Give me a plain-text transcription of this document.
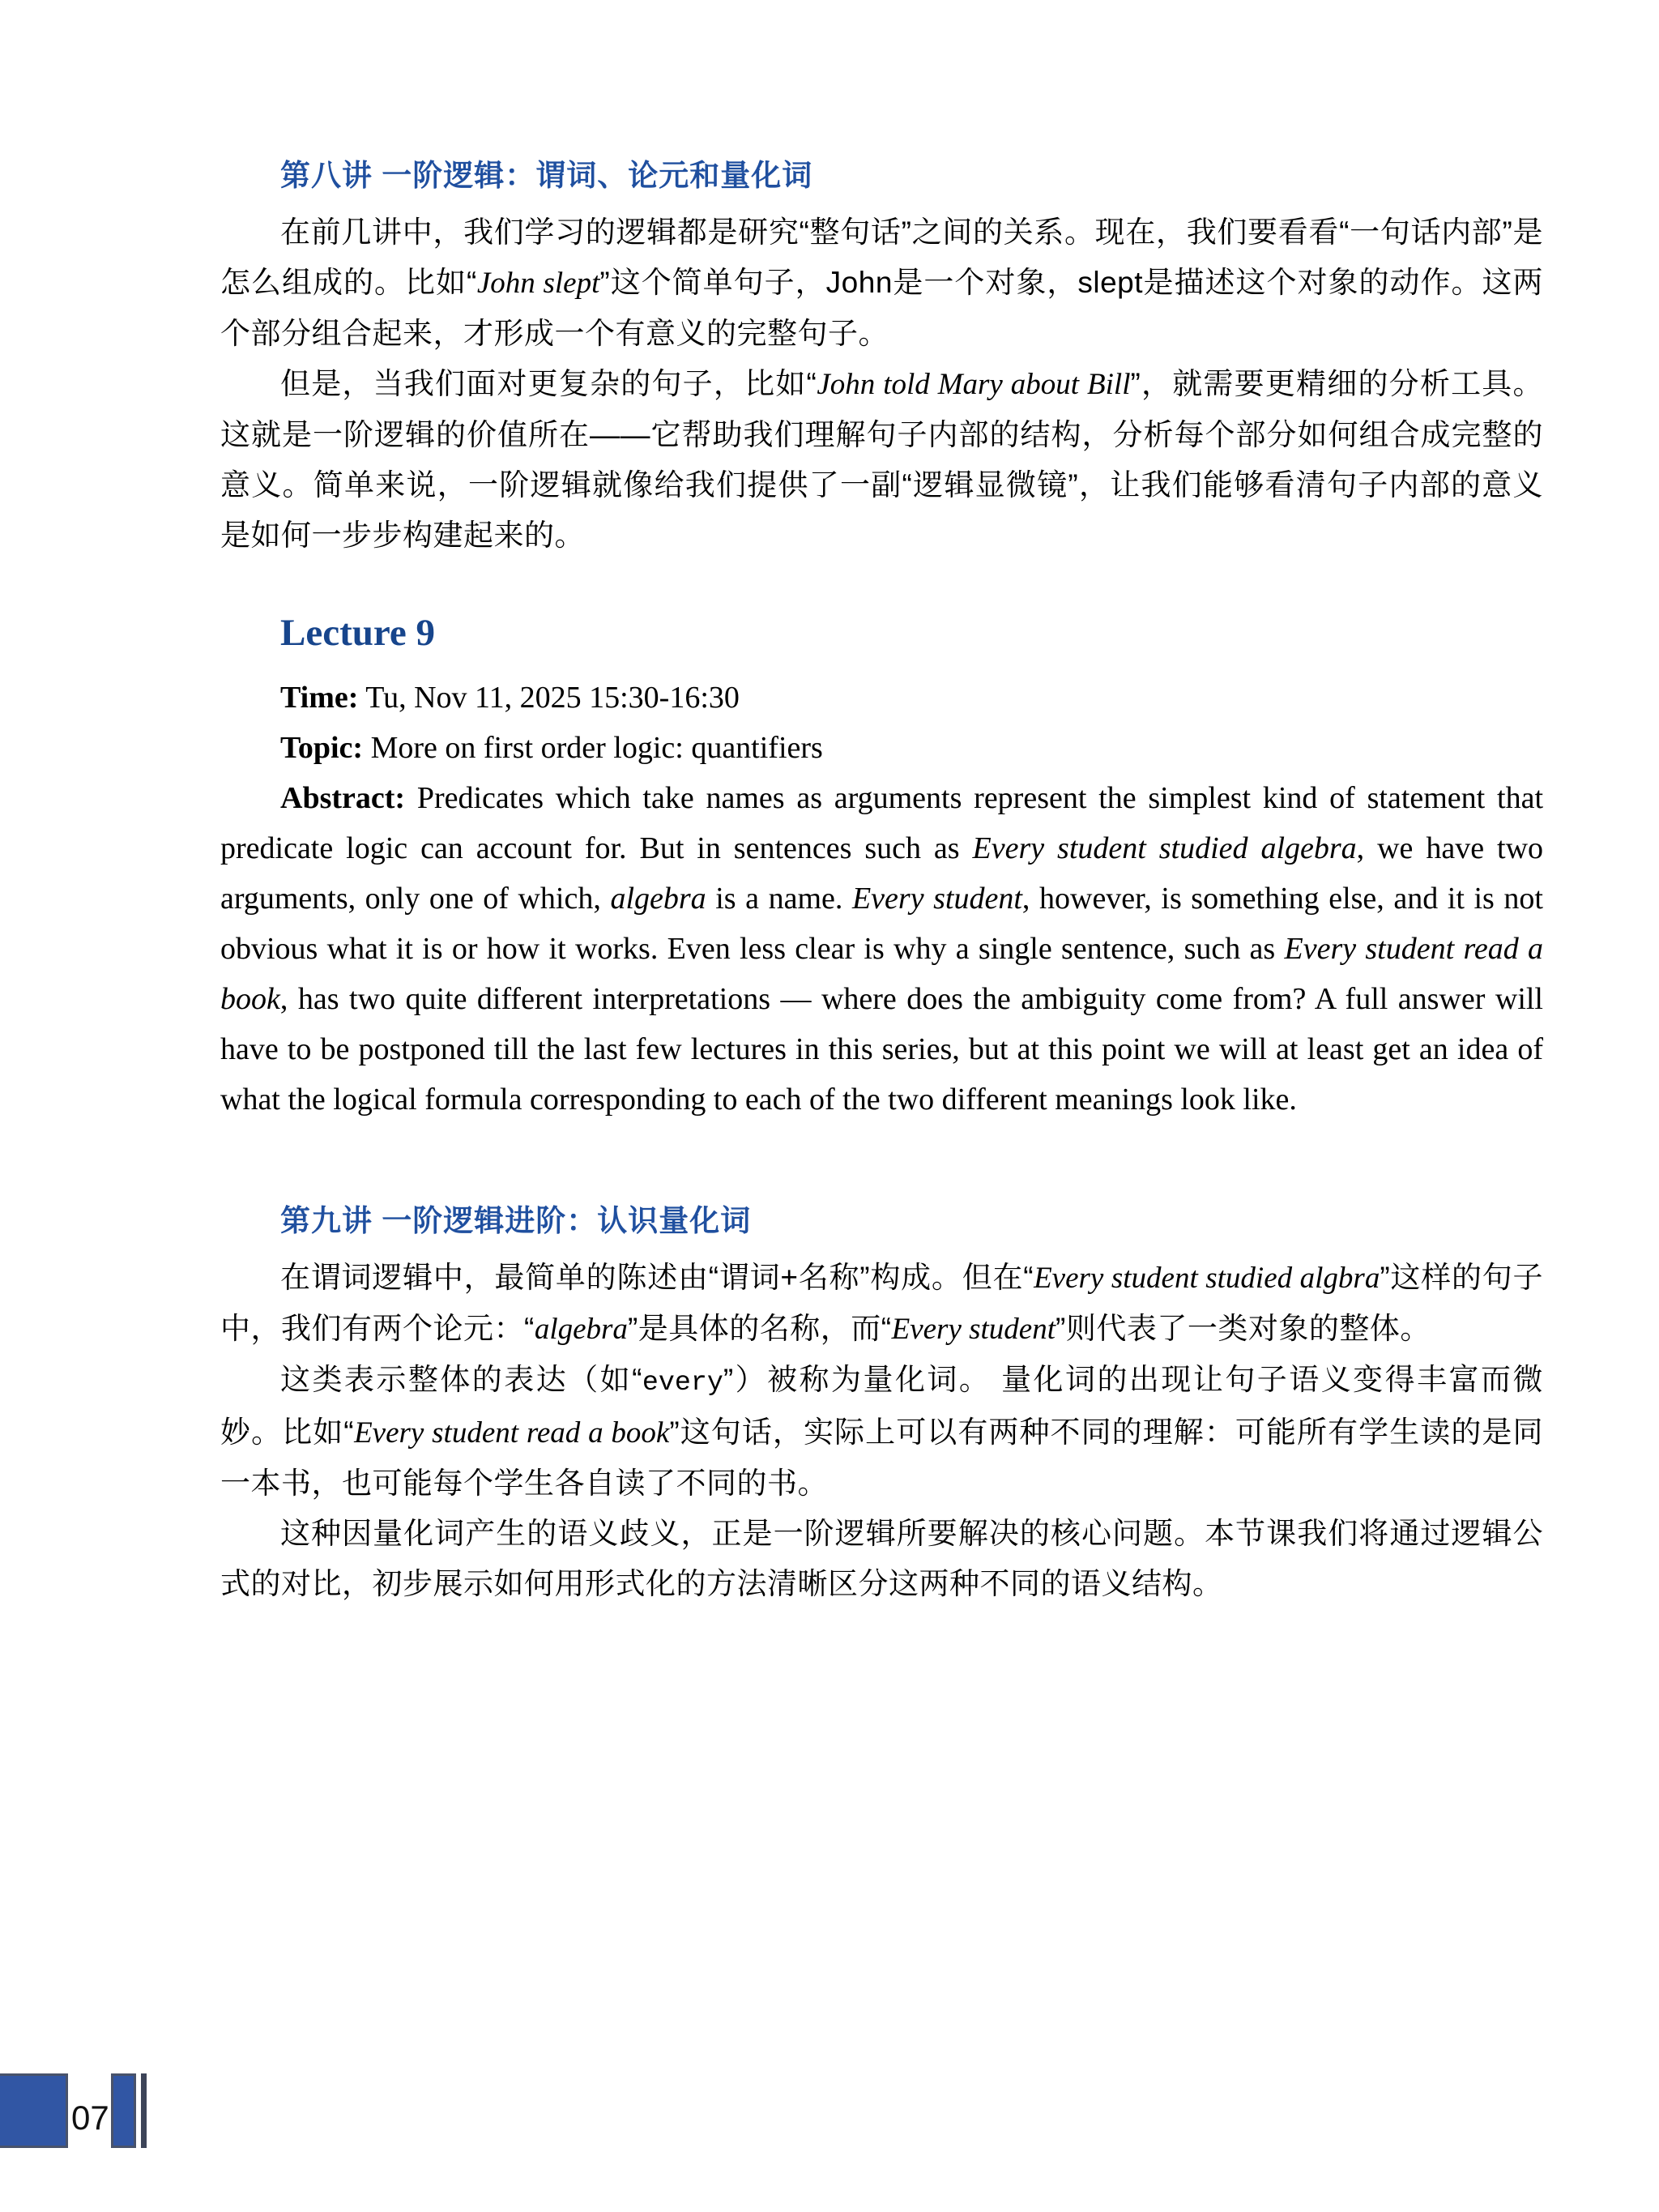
第八讲 一阶逻辑：谓词、论元和量化词

在前几讲中，我们学习的逻辑都是研究“整句话”之间的关系。现在，我们要看看“一句话内部”是怎么组成的。比如“John slept”这个简单句子，John是一个对象，slept是描述这个对象的动作。这两个部分组合起来，才形成一个有意义的完整句子。

但是，当我们面对更复杂的句子，比如“John told Mary about Bill”，就需要更精细的分析工具。这就是一阶逻辑的价值所在——它帮助我们理解句子内部的结构，分析每个部分如何组合成完整的意义。简单来说，一阶逻辑就像给我们提供了一副“逻辑显微镜”，让我们能够看清句子内部的意义是如何一步步构建起来的。

Lecture 9

Time: Tu, Nov 11, 2025 15:30-16:30

Topic: More on first order logic: quantifiers

Abstract: Predicates which take names as arguments represent the simplest kind of statement that predicate logic can account for. But in sentences such as Every student studied algebra, we have two arguments, only one of which, algebra is a name. Every student, however, is something else, and it is not obvious what it is or how it works. Even less clear is why a single sentence, such as Every student read a book, has two quite different interpretations — where does the ambiguity come from? A full answer will have to be postponed till the last few lectures in this series, but at this point we will at least get an idea of what the logical formula corresponding to each of the two different meanings look like.

第九讲 一阶逻辑进阶：认识量化词

在谓词逻辑中，最简单的陈述由“谓词+名称”构成。但在“Every student studied algbra”这样的句子中，我们有两个论元：“algebra”是具体的名称，而“Every student”则代表了一类对象的整体。

这类表示整体的表达（如“every”）被称为量化词。 量化词的出现让句子语义变得丰富而微妙。比如“Every student read a book”这句话，实际上可以有两种不同的理解：可能所有学生读的是同一本书，也可能每个学生各自读了不同的书。

这种因量化词产生的语义歧义，正是一阶逻辑所要解决的核心问题。本节课我们将通过逻辑公式的对比，初步展示如何用形式化的方法清晰区分这两种不同的语义结构。

07
